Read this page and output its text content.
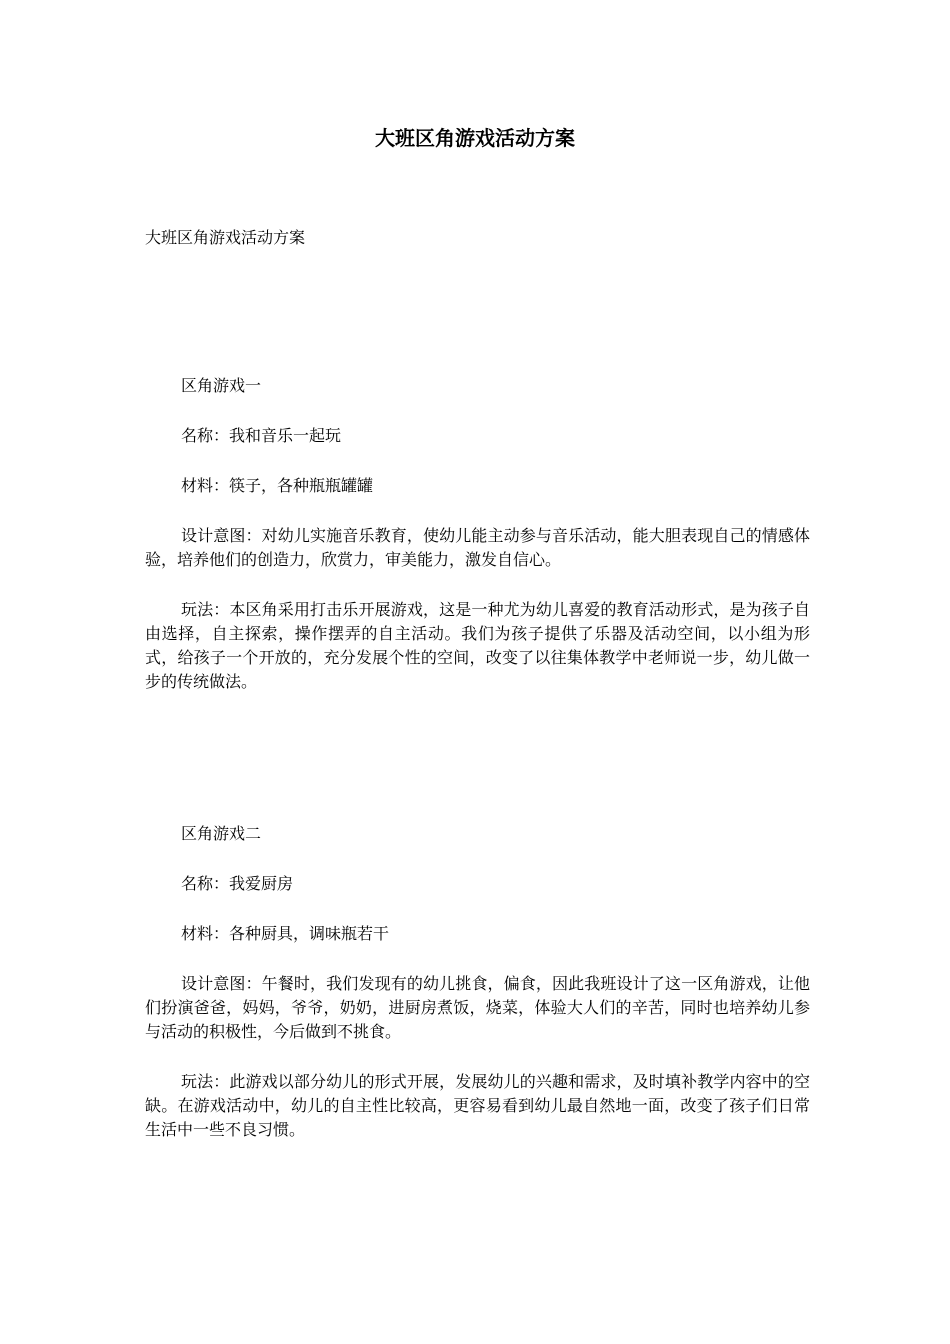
大班区角游戏活动方案

大班区角游戏活动方案

区角游戏一

名称：我和音乐一起玩

材料：筷子，各种瓶瓶罐罐

设计意图：对幼儿实施音乐教育，使幼儿能主动参与音乐活动，能大胆表现自己的情感体验，培养他们的创造力，欣赏力，审美能力，激发自信心。

玩法：本区角采用打击乐开展游戏，这是一种尤为幼儿喜爱的教育活动形式，是为孩子自由选择，自主探索，操作摆弄的自主活动。我们为孩子提供了乐器及活动空间，以小组为形式，给孩子一个开放的，充分发展个性的空间，改变了以往集体教学中老师说一步，幼儿做一步的传统做法。

区角游戏二

名称：我爱厨房

材料：各种厨具，调味瓶若干

设计意图：午餐时，我们发现有的幼儿挑食，偏食，因此我班设计了这一区角游戏，让他们扮演爸爸，妈妈，爷爷，奶奶，进厨房煮饭，烧菜，体验大人们的辛苦，同时也培养幼儿参与活动的积极性，今后做到不挑食。

玩法：此游戏以部分幼儿的形式开展，发展幼儿的兴趣和需求，及时填补教学内容中的空缺。在游戏活动中，幼儿的自主性比较高，更容易看到幼儿最自然地一面，改变了孩子们日常生活中一些不良习惯。
